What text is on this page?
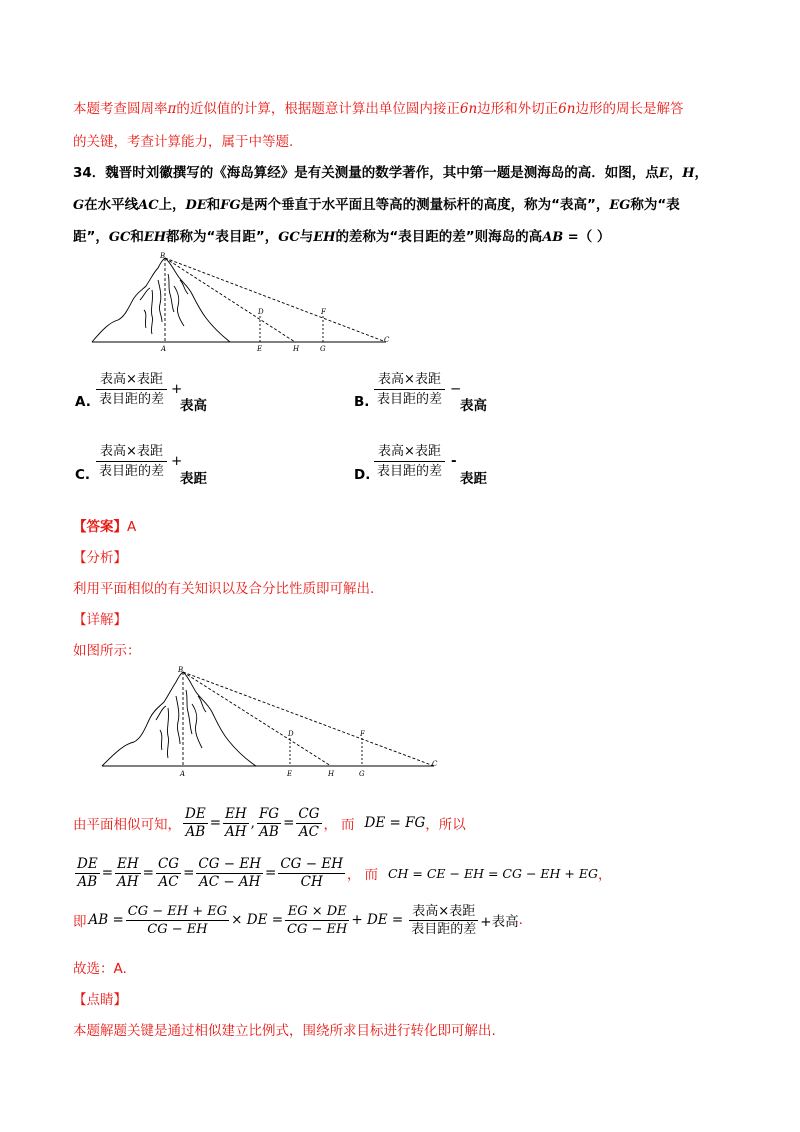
本题考查圆周率π的近似值的计算，根据题意计算出单位圆内接正6n边形和外切正6n边形的周长是解答
的关键，考查计算能力，属于中等题.
34．魏晋时刘徽撰写的《海岛算经》是有关测量的数学著作，其中第一题是测海岛的高．如图，点E，H，
G在水平线AC上，DE和FG是两个垂直于水平面且等高的测量标杆的高度，称为“表高”，EG称为“表
距”，GC和EH都称为“表目距”，GC与EH的差称为“表目距的差”则海岛的高AB =（ ）
B
D	F
A	E	H	G
C
A.
表高×表距
表目距的差
+
表高	B.
表高×表距
表目距的差
−
表高
C.
表高×表距
表目距的差
+
表距	D.
表高×表距
表目距的差
-
表距
【答案】A
【分析】
利用平面相似的有关知识以及合分比性质即可解出.
【详解】
如图所示：
B
D	F
A	E	H	G
C
由平面相似可知， $\frac{DE}{AB} = \frac{EH}{AH}$ , $\frac{FG}{AB} = \frac{CG}{AC}$ ， 而 DE = FG ，所以
$\frac{DE}{AB} = \frac{EH}{AH} = \frac{CG}{AC} = \frac{CG - EH}{AC - AH} = \frac{CG - EH}{CH}$ ， 而 CH = CE − EH = CG − EH + EG ，
即 AB = $\frac{CG - EH + EG}{CG - EH}$ × DE = $\frac{EG \times DE}{CG - EH}$ + DE = $\frac{\text{表高×表距}}{\text{表目距的差}}$ +表高 .
故选：A.
【点睛】
本题解题关键是通过相似建立比例式，围绕所求目标进行转化即可解出.
